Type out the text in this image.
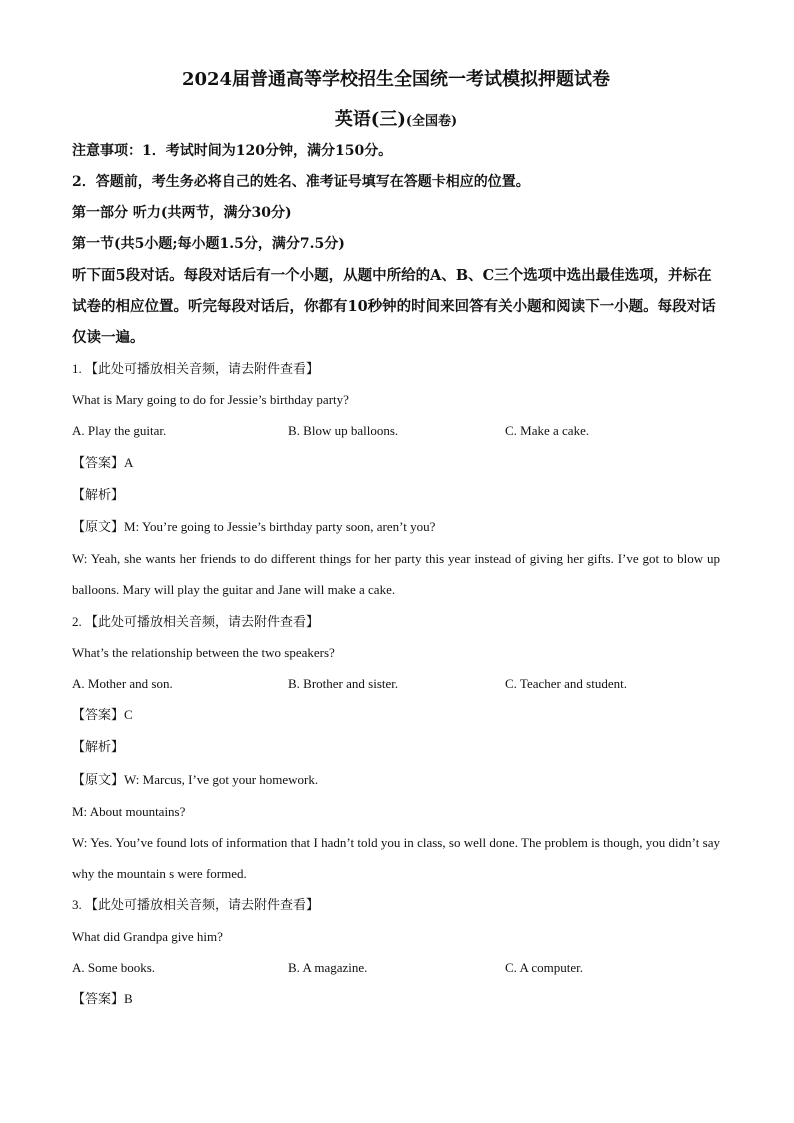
2024届普通高等学校招生全国统一考试模拟押题试卷
英语(三)(全国卷)
注意事项：1．考试时间为120分钟，满分150分。
2．答题前，考生务必将自己的姓名、准考证号填写在答题卡相应的位置。
第一部分 听力(共两节，满分30分)
第一节(共5小题;每小题1.5分，满分7.5分)
听下面5段对话。每段对话后有一个小题，从题中所给的A、B、C三个选项中选出最佳选项，并标在试卷的相应位置。听完每段对话后，你都有10秒钟的时间来回答有关小题和阅读下一小题。每段对话仅读一遍。
1. 【此处可播放相关音频，请去附件查看】
What is Mary going to do for Jessie’s birthday party?
A. Play the guitar.	B. Blow up balloons.	C. Make a cake.
【答案】A
【解析】
【原文】M: You’re going to Jessie’s birthday party soon, aren’t you?
W: Yeah, she wants her friends to do different things for her party this year instead of giving her gifts. I’ve got to blow up balloons. Mary will play the guitar and Jane will make a cake.
2. 【此处可播放相关音频，请去附件查看】
What’s the relationship between the two speakers?
A. Mother and son.	B. Brother and sister.	C. Teacher and student.
【答案】C
【解析】
【原文】W: Marcus, I’ve got your homework.
M: About mountains?
W: Yes. You’ve found lots of information that I hadn’t told you in class, so well done. The problem is though, you didn’t say why the mountain s were formed.
3. 【此处可播放相关音频，请去附件查看】
What did Grandpa give him?
A. Some books.	B. A magazine.	C. A computer.
【答案】B
